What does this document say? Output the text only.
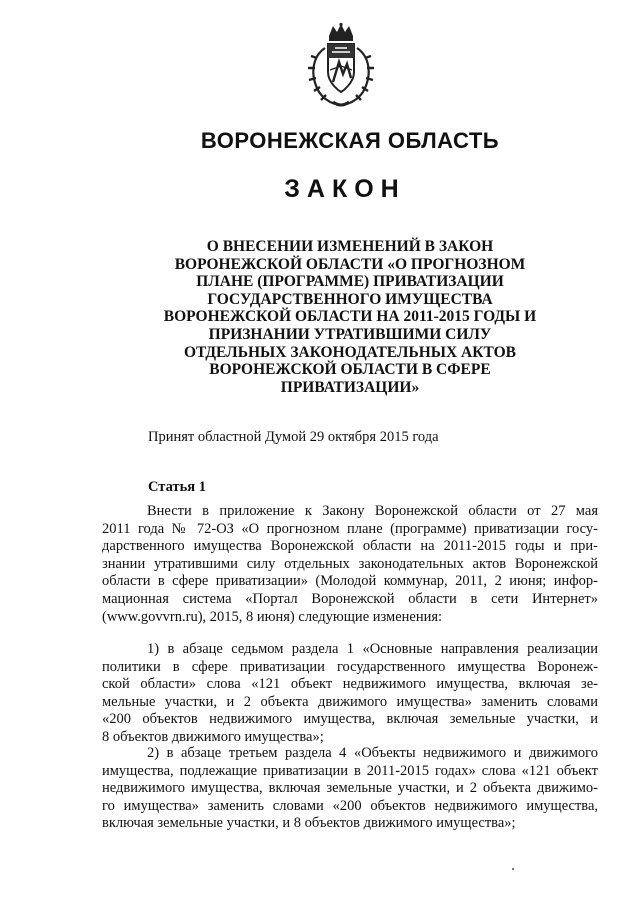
ВОРОНЕЖСКАЯ ОБЛАСТЬ
ЗАКОН
О ВНЕСЕНИИ ИЗМЕНЕНИЙ В ЗАКОН
ВОРОНЕЖСКОЙ ОБЛАСТИ «О ПРОГНОЗНОМ
ПЛАНЕ (ПРОГРАММЕ) ПРИВАТИЗАЦИИ
ГОСУДАРСТВЕННОГО ИМУЩЕСТВА
ВОРОНЕЖСКОЙ ОБЛАСТИ НА 2011-2015 ГОДЫ И
ПРИЗНАНИИ УТРАТИВШИМИ СИЛУ
ОТДЕЛЬНЫХ ЗАКОНОДАТЕЛЬНЫХ АКТОВ
ВОРОНЕЖСКОЙ ОБЛАСТИ В СФЕРЕ
ПРИВАТИЗАЦИИ»
Принят областной Думой 29 октября 2015 года
Статья 1
Внести в приложение к Закону Воронежской области от 27 мая
2011 года № 72-ОЗ «О прогнозном плане (программе) приватизации госу-
дарственного имущества Воронежской области на 2011-2015 годы и при-
знании утратившими силу отдельных законодательных актов Воронежской
области в сфере приватизации» (Молодой коммунар, 2011, 2 июня; инфор-
мационная система «Портал Воронежской области в сети Интернет»
(www.govvrn.ru), 2015, 8 июня) следующие изменения:
1) в абзаце седьмом раздела 1 «Основные направления реализации
политики в сфере приватизации государственного имущества Воронеж-
ской области» слова «121 объект недвижимого имущества, включая зе-
мельные участки, и 2 объекта движимого имущества» заменить словами
«200 объектов недвижимого имущества, включая земельные участки, и
8 объектов движимого имущества»;
2) в абзаце третьем раздела 4 «Объекты недвижимого и движимого
имущества, подлежащие приватизации в 2011-2015 годах» слова «121 объект
недвижимого имущества, включая земельные участки, и 2 объекта движимо-
го имущества» заменить словами «200 объектов недвижимого имущества,
включая земельные участки, и 8 объектов движимого имущества»;
